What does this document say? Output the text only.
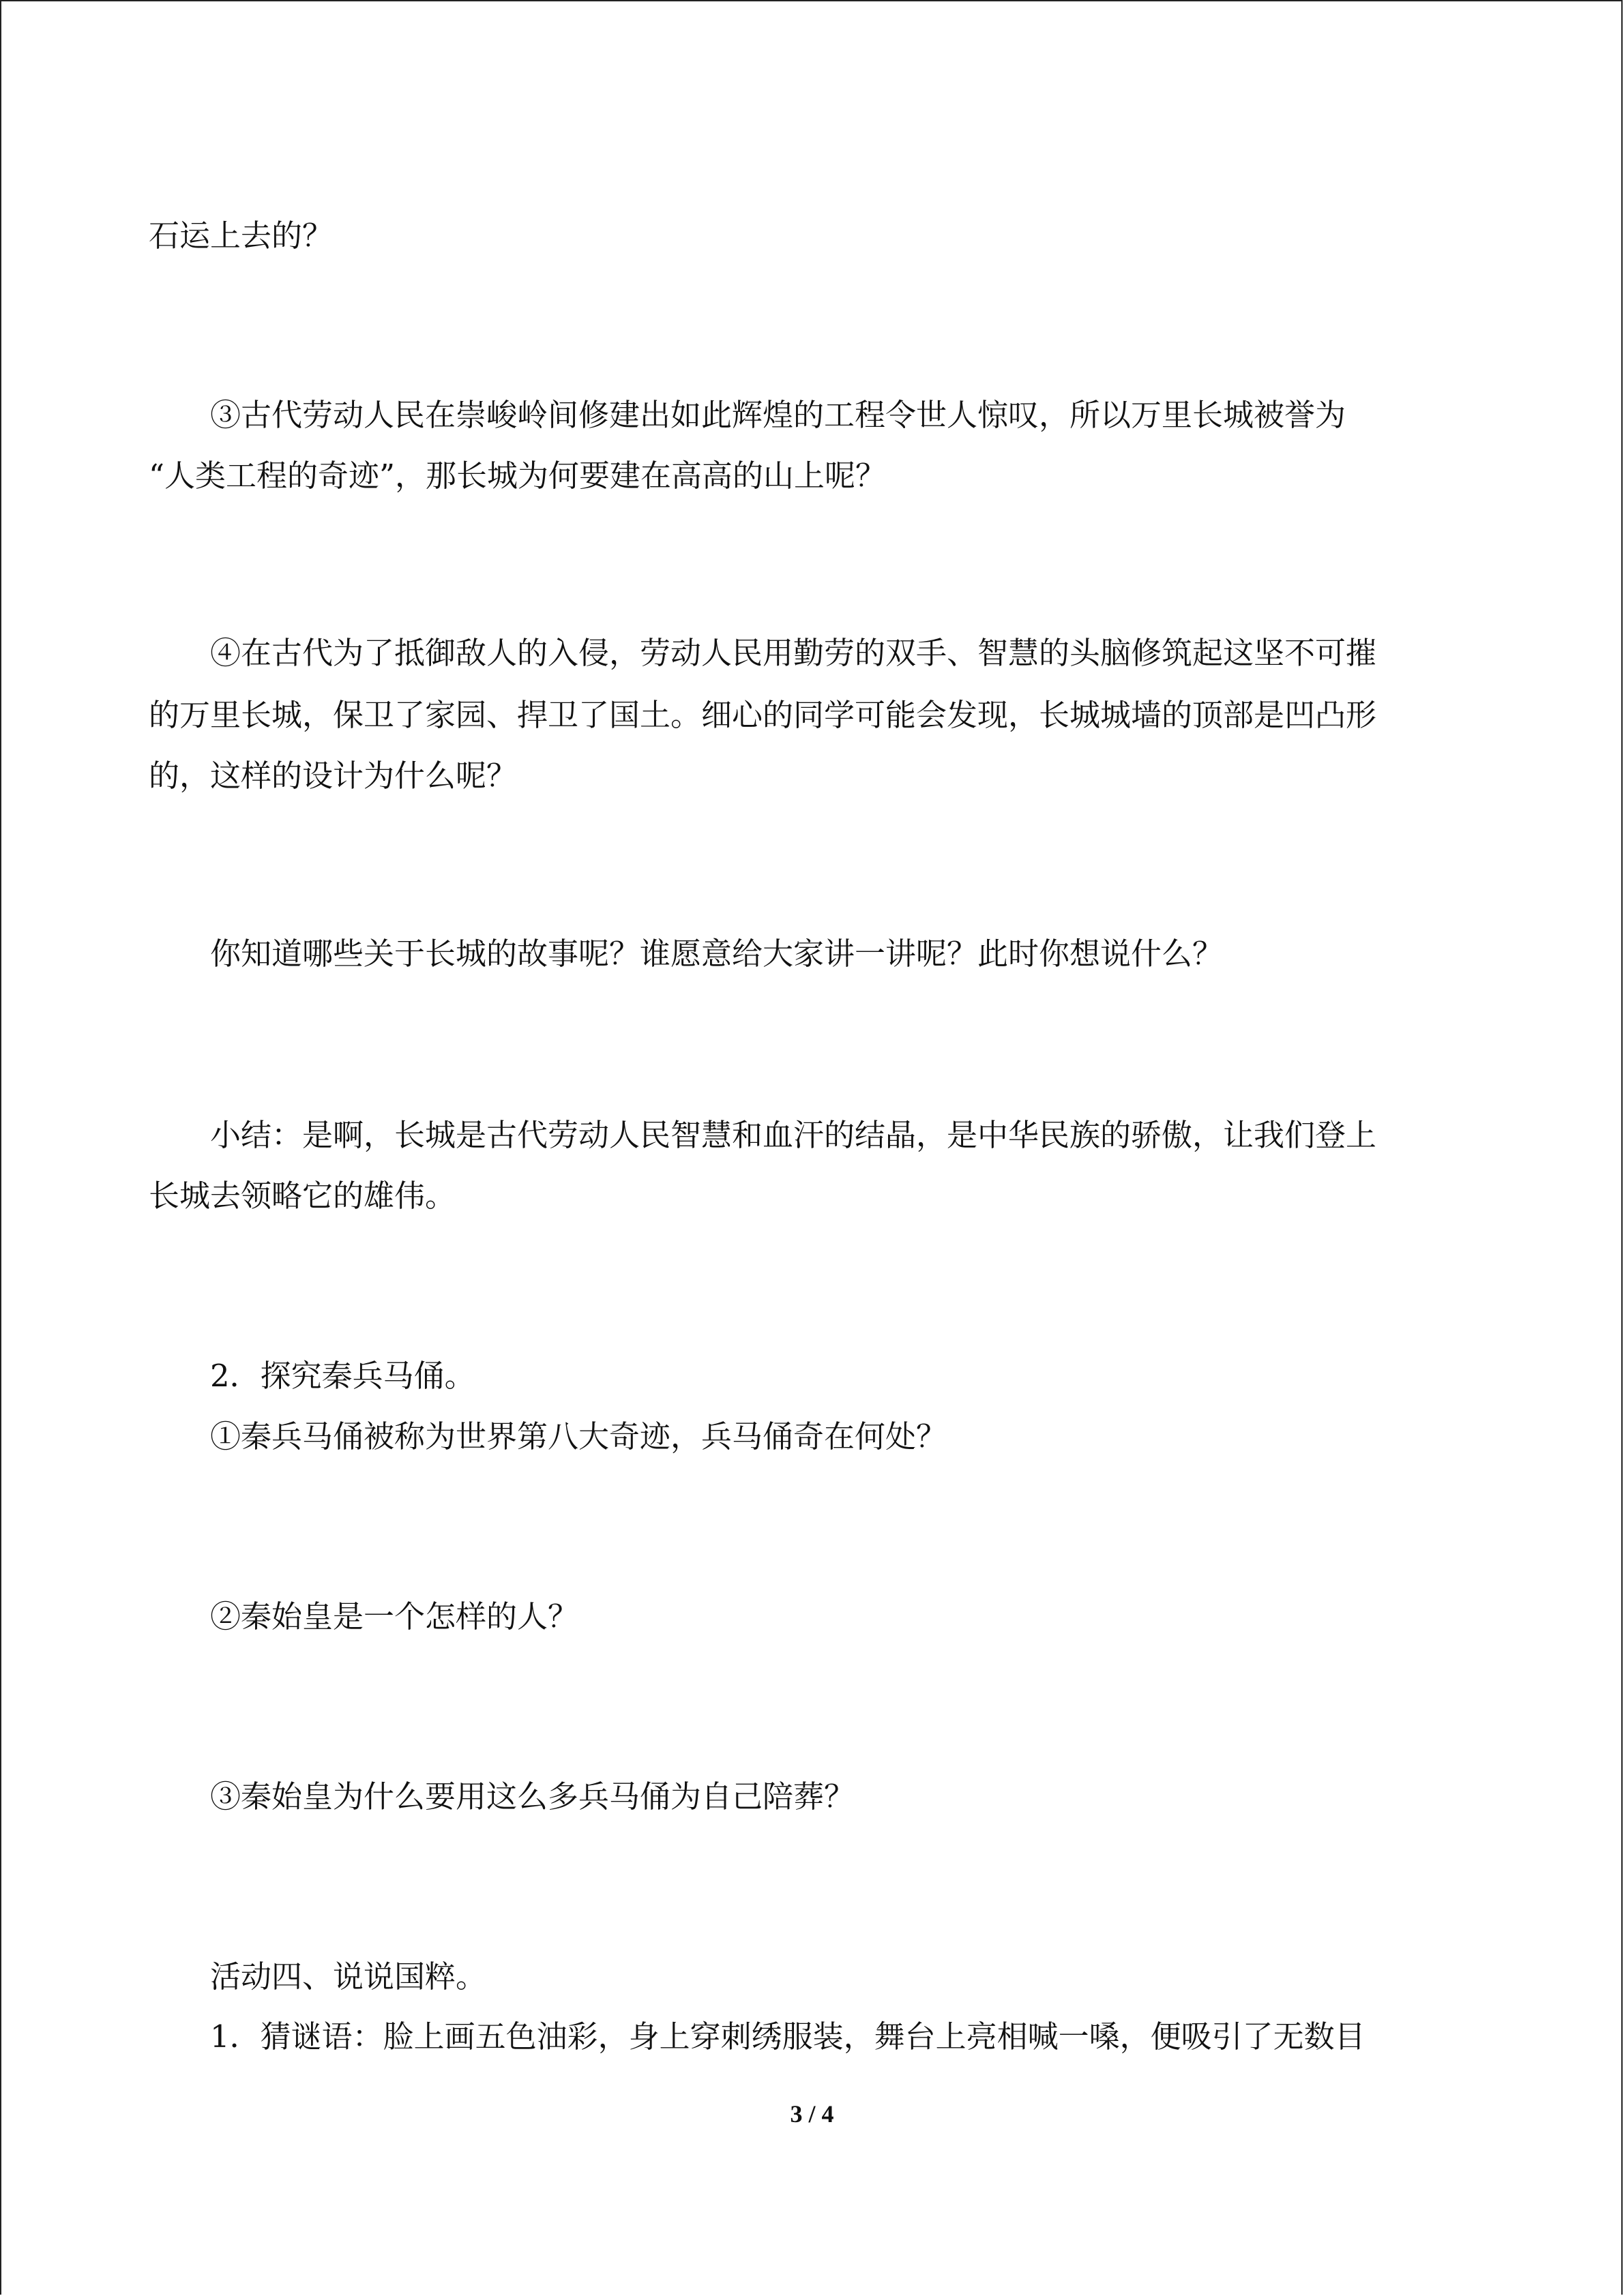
石运上去的？

③古代劳动人民在崇峻岭间修建出如此辉煌的工程令世人惊叹，所以万里长城被誉为

“人类工程的奇迹”，那长城为何要建在高高的山上呢？

④在古代为了抵御敌人的入侵，劳动人民用勤劳的双手、智慧的头脑修筑起这坚不可摧

的万里长城，保卫了家园、捍卫了国土。细心的同学可能会发现，长城城墙的顶部是凹凸形

的，这样的设计为什么呢？

你知道哪些关于长城的故事呢？谁愿意给大家讲一讲呢？此时你想说什么？

小结：是啊，长城是古代劳动人民智慧和血汗的结晶，是中华民族的骄傲，让我们登上

长城去领略它的雄伟。

2．探究秦兵马俑。

①秦兵马俑被称为世界第八大奇迹，兵马俑奇在何处？

②秦始皇是一个怎样的人？

③秦始皇为什么要用这么多兵马俑为自己陪葬？

活动四、说说国粹。

1．猜谜语：脸上画五色油彩，身上穿刺绣服装，舞台上亮相喊一嗓，便吸引了无数目

3 / 4
